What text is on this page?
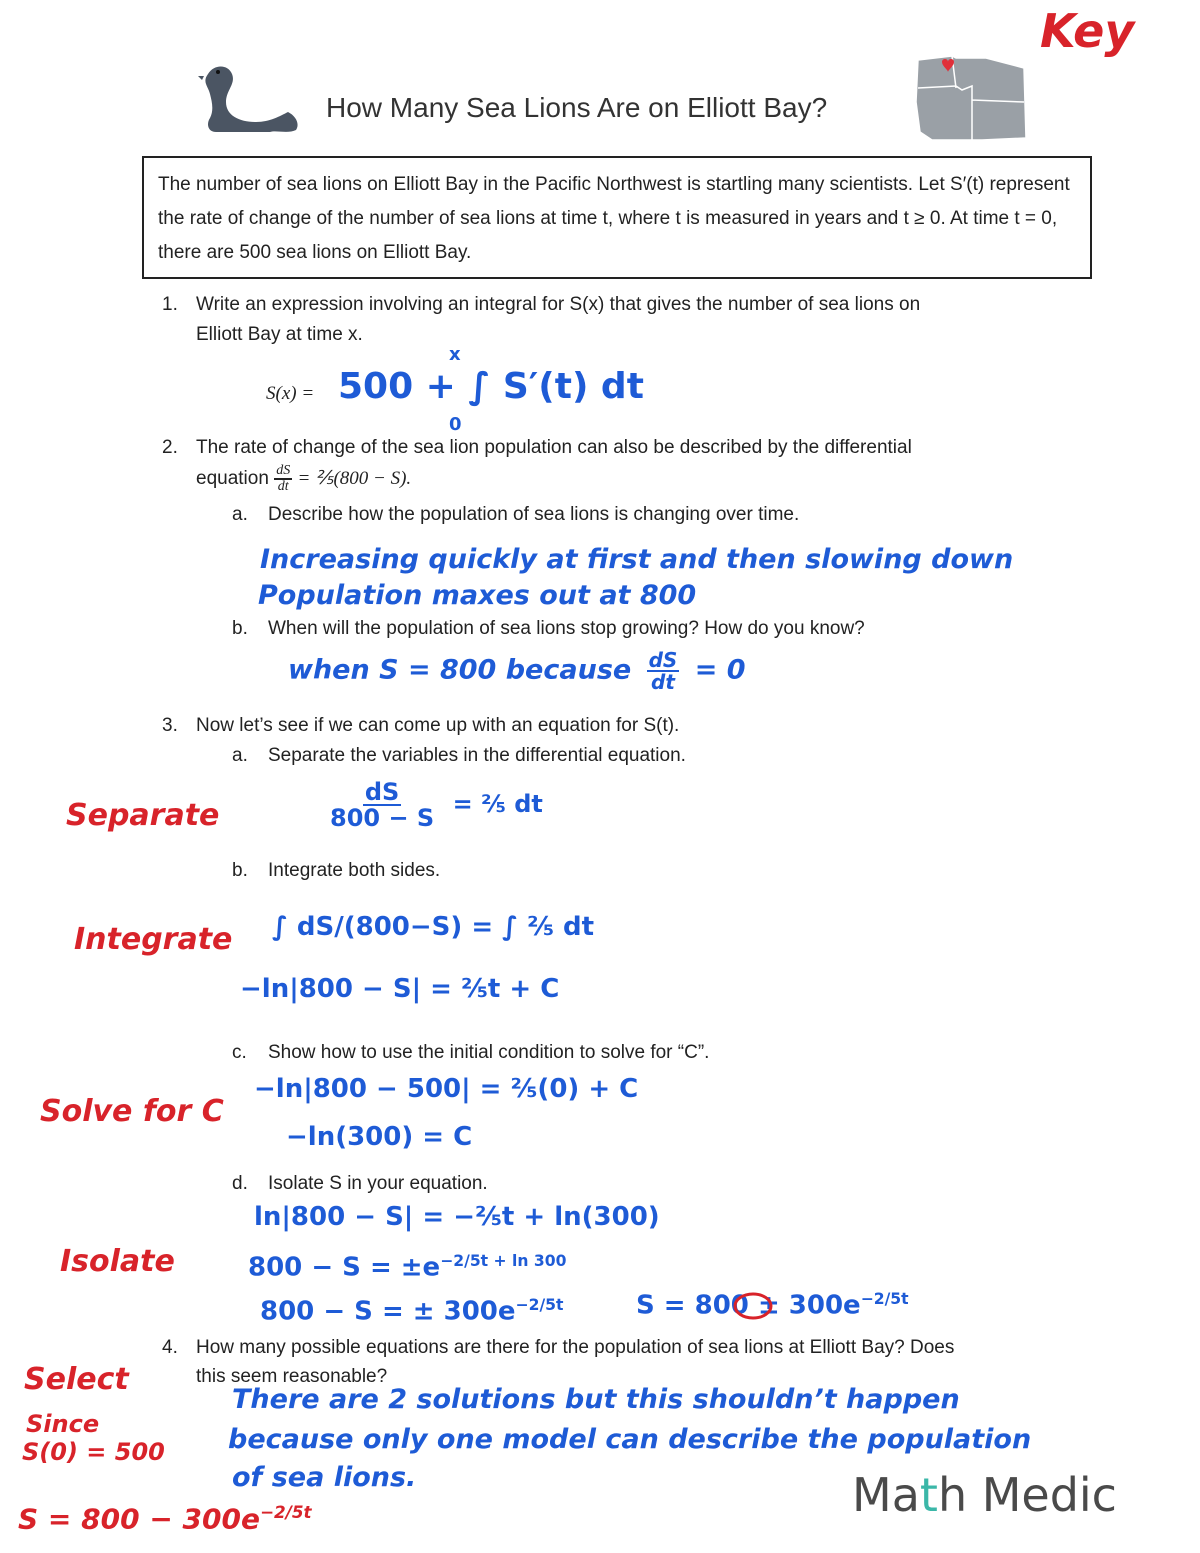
Key
How Many Sea Lions Are on Elliott Bay?
The number of sea lions on Elliott Bay in the Pacific Northwest is startling many scientists. Let S′(t) represent the rate of change of the number of sea lions at time t, where t is measured in years and t ≥ 0. At time t = 0, there are 500 sea lions on Elliott Bay.
1. Write an expression involving an integral for S(x) that gives the number of sea lions on
Elliott Bay at time x.
S(x) =
x
500 + ∫ S′(t) dt
0
2. The rate of change of the sea lion population can also be described by the differential
equation $\frac{dS}{dt}$ = ⅖(800 − S).
a. Describe how the population of sea lions is changing over time.
Increasing quickly at first and then slowing down
Population maxes out at 800
b. When will the population of sea lions stop growing? How do you know?
when S = 800 because $\frac{dS}{dt} = 0$
3. Now let’s see if we can come up with an equation for S(t).
a. Separate the variables in the differential equation.
Separate	$\frac{dS}{800 - S}$ = ⅖ dt
b. Integrate both sides.
Integrate ∫ dS/(800−S) = ∫ ⅖ dt
−ln|800 − S| = ⅖t + C
c. Show how to use the initial condition to solve for “C”.
Solve for C
−ln|800 − 500| = ⅖(0) + C
−ln(300) = C
d. Isolate S in your equation.
Isolate
ln|800 − S| = −⅖t + ln(300)
$800 - S = \pm e^{-2/5t + ln 300}$
800 − S = ± $300e^{-2/5t}$	$S = 800 \pm 300e^{-2/5t}$
4. How many possible equations are there for the population of sea lions at Elliott Bay? Does
this seem reasonable?
There are 2 solutions but this shouldn’t happen
because only one model can describe the population
of sea lions.
Select
Since
S(0) = 500
$S = 800 - 300e^{-2/5t}$	Math Medic
